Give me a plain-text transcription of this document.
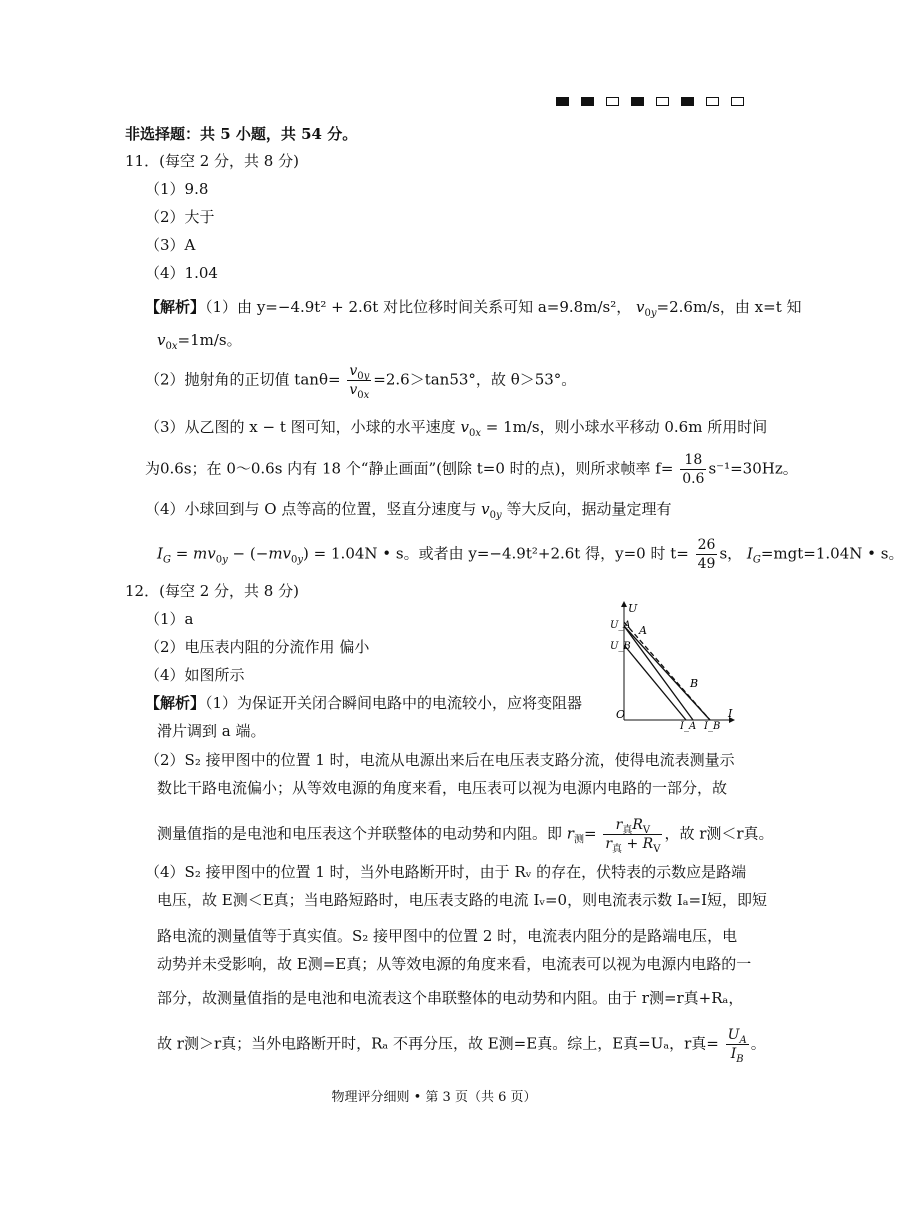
非选择题：共 5 小题，共 54 分。
11．(每空 2 分，共 8 分)
（1）9.8
（2）大于
（3）A
（4）1.04
【解析】（1）由 y=−4.9t² + 2.6t 对比位移时间关系可知 a=9.8m/s²， $v_{0y}=2.6m/s$，由 x=t 知
$v_{0x}=1m/s$。
（2）抛射角的正切值 $\tan\theta= \frac{v_{0y}}{v_{0x}} =2.6>\tan 53^\circ$，故 θ＞53°。
（3）从乙图的 x − t 图可知，小球的水平速度 $v_{0x} = 1m/s$，则小球水平移动 0.6m 所用时间
为0.6s；在 0～0.6s 内有 18 个“静止画面”(刨除 t=0 时的点)，则所求帧率 $f= \frac{18}{0.6} s^{-1}=30Hz$。
（4）小球回到与 O 点等高的位置，竖直分速度与 $v_{0y}$ 等大反向，据动量定理有
$I_G = mv_{0y} - (-mv_{0y}) = 1.04N$ • s。或者由 y=−4.9t²+2.6t 得，y=0 时 $t= \frac{26}{49}$ s， $I_G=mgt=1.04N$ • s。
12．(每空 2 分，共 8 分)
（1）a
（2）电压表内阻的分流作用 偏小
（4）如图所示
【解析】（1）为保证开关闭合瞬间电路中的电流较小，应将变阻器
滑片调到 a 端。
U
I
O
U_A
U_B
I_A I_B
A
B
（2）S₂ 接甲图中的位置 1 时，电流从电源出来后在电压表支路分流，使得电流表测量示
数比干路电流偏小；从等效电源的角度来看，电压表可以视为电源内电路的一部分，故
测量值指的是电池和电压表这个并联整体的电动势和内阻。即 $r_测= \frac{r_真R_V}{r_真 + R_V}$ ，故 r测＜r真。
（4）S₂ 接甲图中的位置 1 时，当外电路断开时，由于 Rᵥ 的存在，伏特表的示数应是路端
电压，故 E测＜E真；当电路短路时，电压表支路的电流 Iᵥ=0，则电流表示数 Iₐ=I短，即短
路电流的测量值等于真实值。S₂ 接甲图中的位置 2 时，电流表内阻分的是路端电压，电
动势并未受影响，故 E测=E真；从等效电源的角度来看，电流表可以视为电源内电路的一
部分，故测量值指的是电池和电流表这个串联整体的电动势和内阻。由于 r测=r真+Rₐ，
故 r测＞r真；当外电路断开时，Rₐ 不再分压，故 E测=E真。综上，E真=Uₐ，r真= $\frac{U_A}{I_B}$ 。
物理评分细则 • 第 3 页（共 6 页）
